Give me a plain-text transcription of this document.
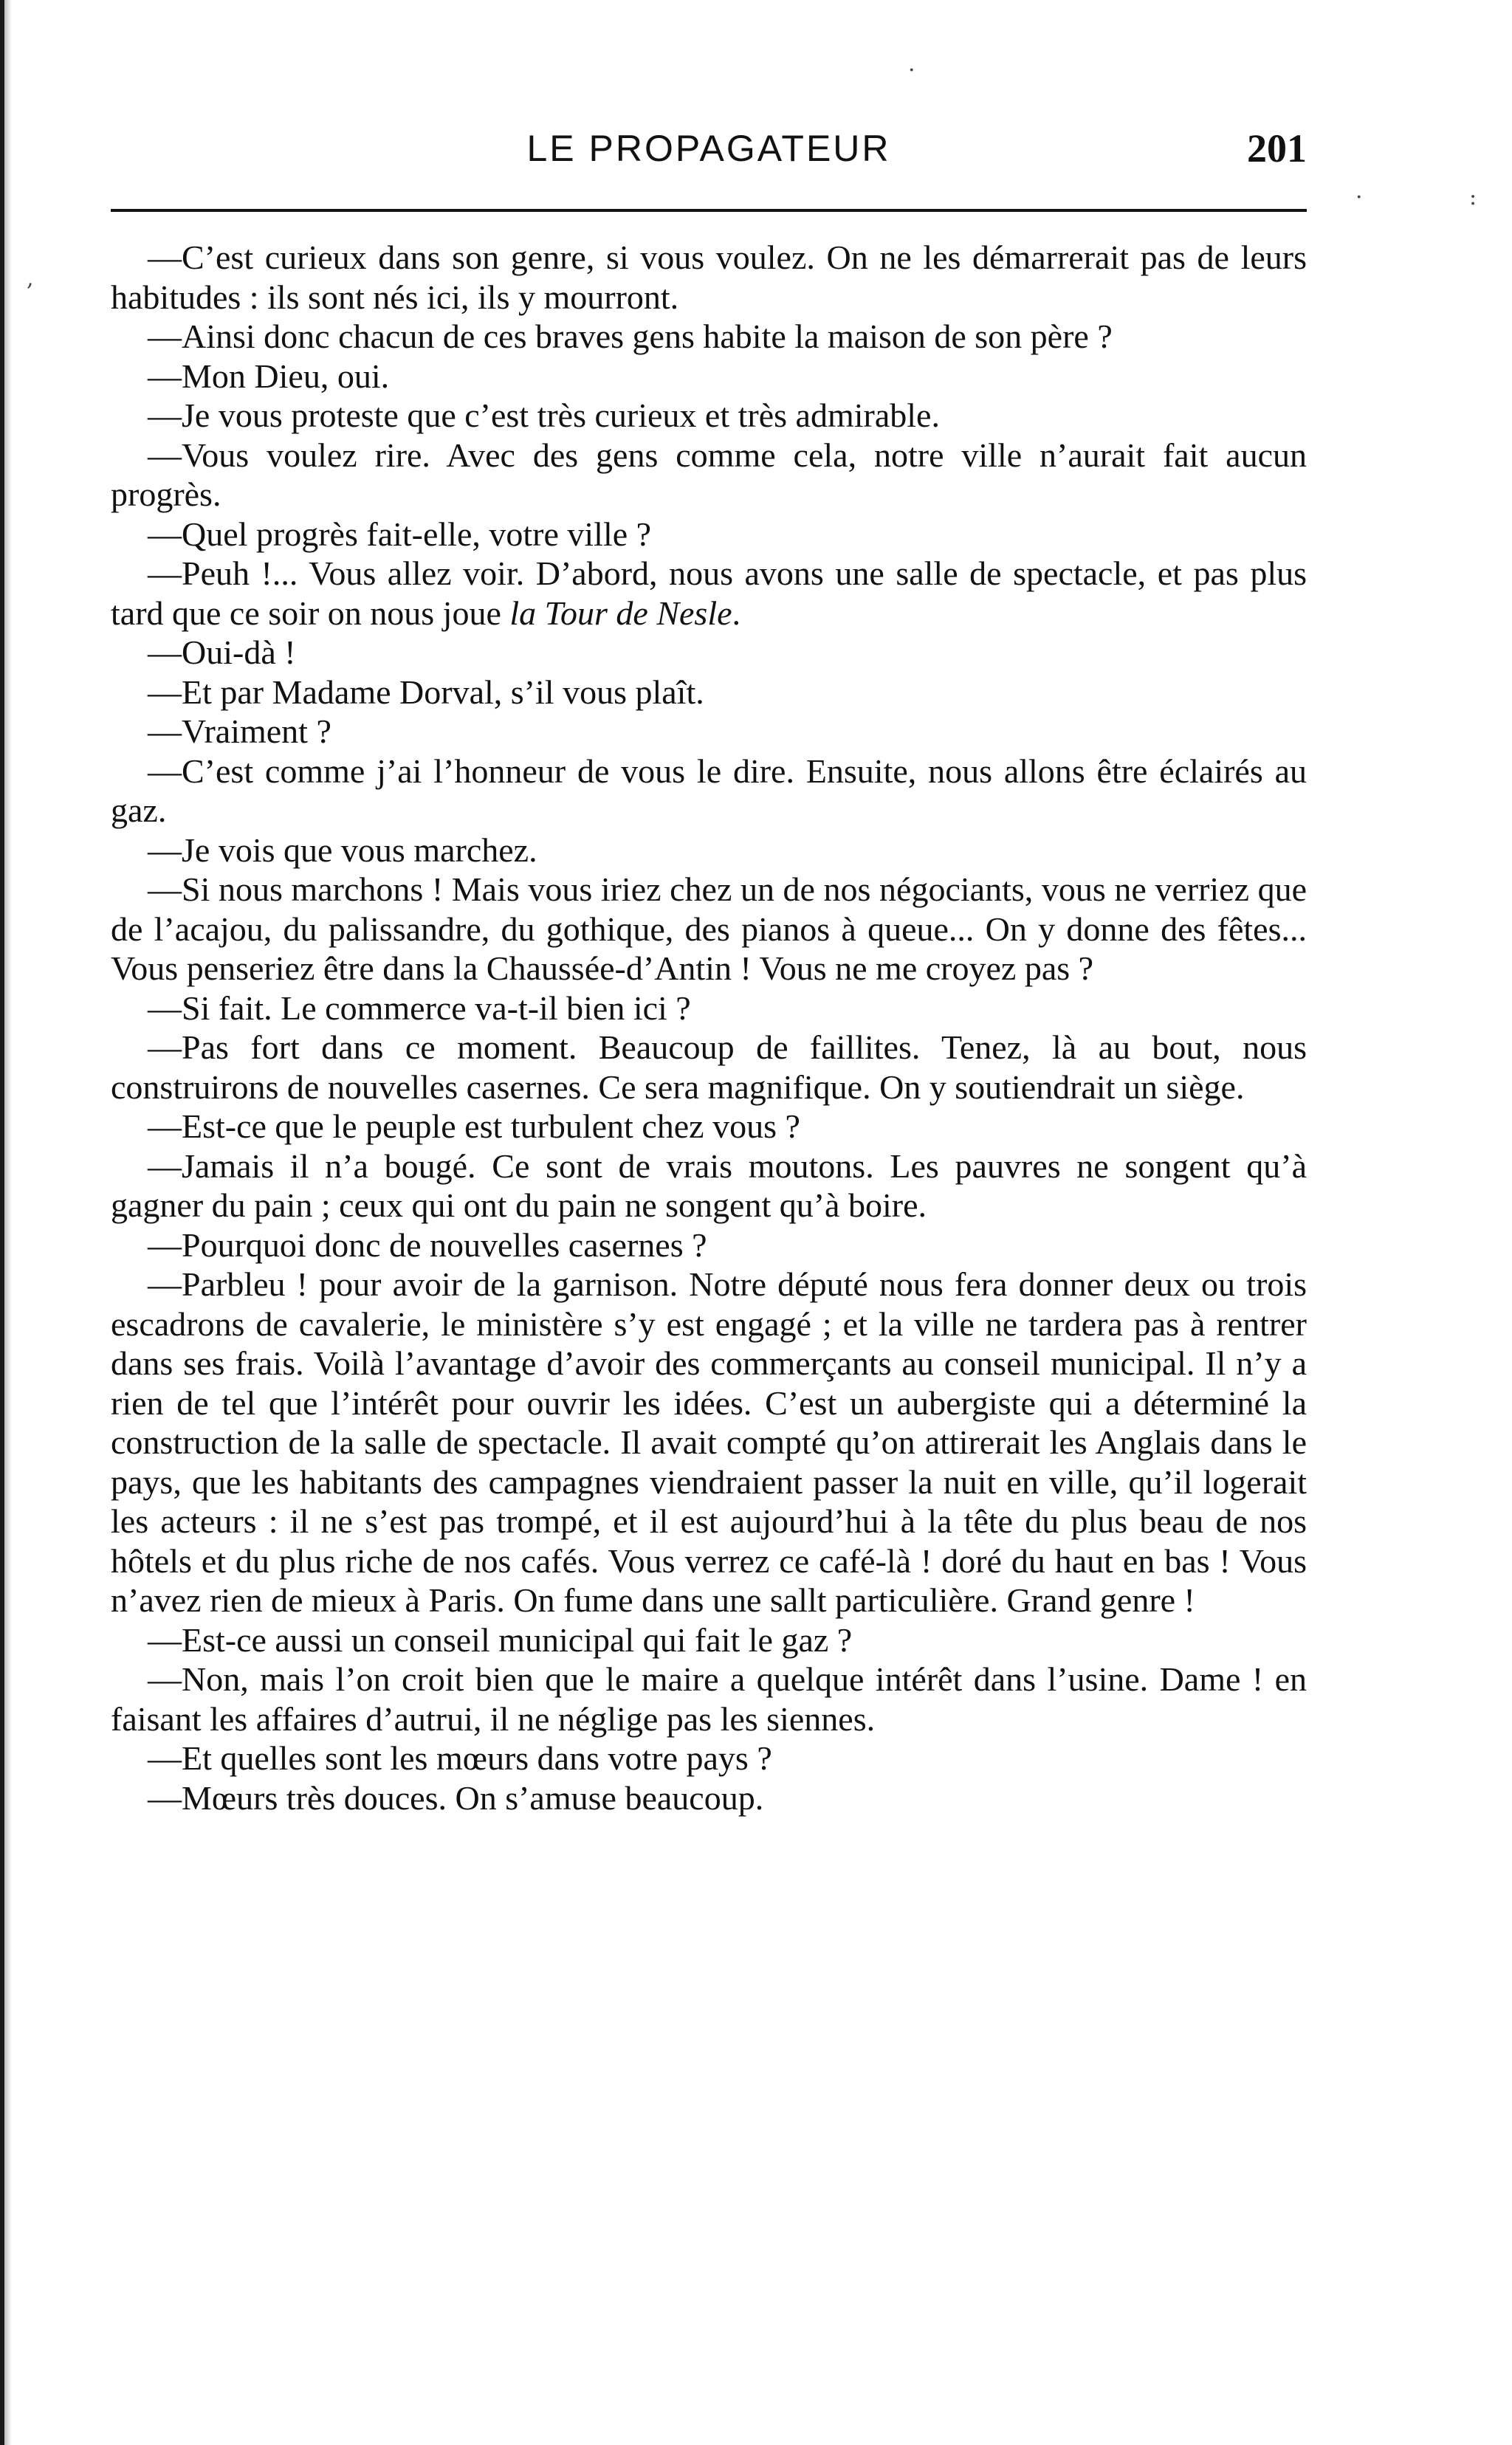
LE PROPAGATEUR	201

—C’est curieux dans son genre, si vous voulez. On ne les démarrerait pas de leurs habitudes : ils sont nés ici, ils y mourront.

—Ainsi donc chacun de ces braves gens habite la maison de son père ?

—Mon Dieu, oui.

—Je vous proteste que c’est très curieux et très admirable.

—Vous voulez rire. Avec des gens comme cela, notre ville n’aurait fait aucun progrès.

—Quel progrès fait-elle, votre ville ?

—Peuh !... Vous allez voir. D’abord, nous avons une salle de spectacle, et pas plus tard que ce soir on nous joue la Tour de Nesle.

—Oui-dà !

—Et par Madame Dorval, s’il vous plaît.

—Vraiment ?

—C’est comme j’ai l’honneur de vous le dire. Ensuite, nous allons être éclairés au gaz.

—Je vois que vous marchez.

—Si nous marchons ! Mais vous iriez chez un de nos négociants, vous ne verriez que de l’acajou, du palissandre, du gothique, des pianos à queue... On y donne des fêtes... Vous penseriez être dans la Chaussée-d’Antin ! Vous ne me croyez pas ?

—Si fait. Le commerce va-t-il bien ici ?

—Pas fort dans ce moment. Beaucoup de faillites. Tenez, là au bout, nous construirons de nouvelles casernes. Ce sera magnifique. On y soutiendrait un siège.

—Est-ce que le peuple est turbulent chez vous ?

—Jamais il n’a bougé. Ce sont de vrais moutons. Les pauvres ne songent qu’à gagner du pain ; ceux qui ont du pain ne songent qu’à boire.

—Pourquoi donc de nouvelles casernes ?

—Parbleu ! pour avoir de la garnison. Notre député nous fera donner deux ou trois escadrons de cavalerie, le ministère s’y est engagé ; et la ville ne tardera pas à rentrer dans ses frais. Voilà l’avantage d’avoir des commerçants au conseil municipal. Il n’y a rien de tel que l’intérêt pour ouvrir les idées. C’est un aubergiste qui a déterminé la construction de la salle de spectacle. Il avait compté qu’on attirerait les Anglais dans le pays, que les habitants des campagnes viendraient passer la nuit en ville, qu’il logerait les acteurs : il ne s’est pas trompé, et il est aujourd’hui à la tête du plus beau de nos hôtels et du plus riche de nos cafés. Vous verrez ce café-là ! doré du haut en bas ! Vous n’avez rien de mieux à Paris. On fume dans une sallt particulière. Grand genre !

—Est-ce aussi un conseil municipal qui fait le gaz ?

—Non, mais l’on croit bien que le maire a quelque intérêt dans l’usine. Dame ! en faisant les affaires d’autrui, il ne néglige pas les siennes.

—Et quelles sont les mœurs dans votre pays ?

—Mœurs très douces. On s’amuse beaucoup.

,
·	:
·
